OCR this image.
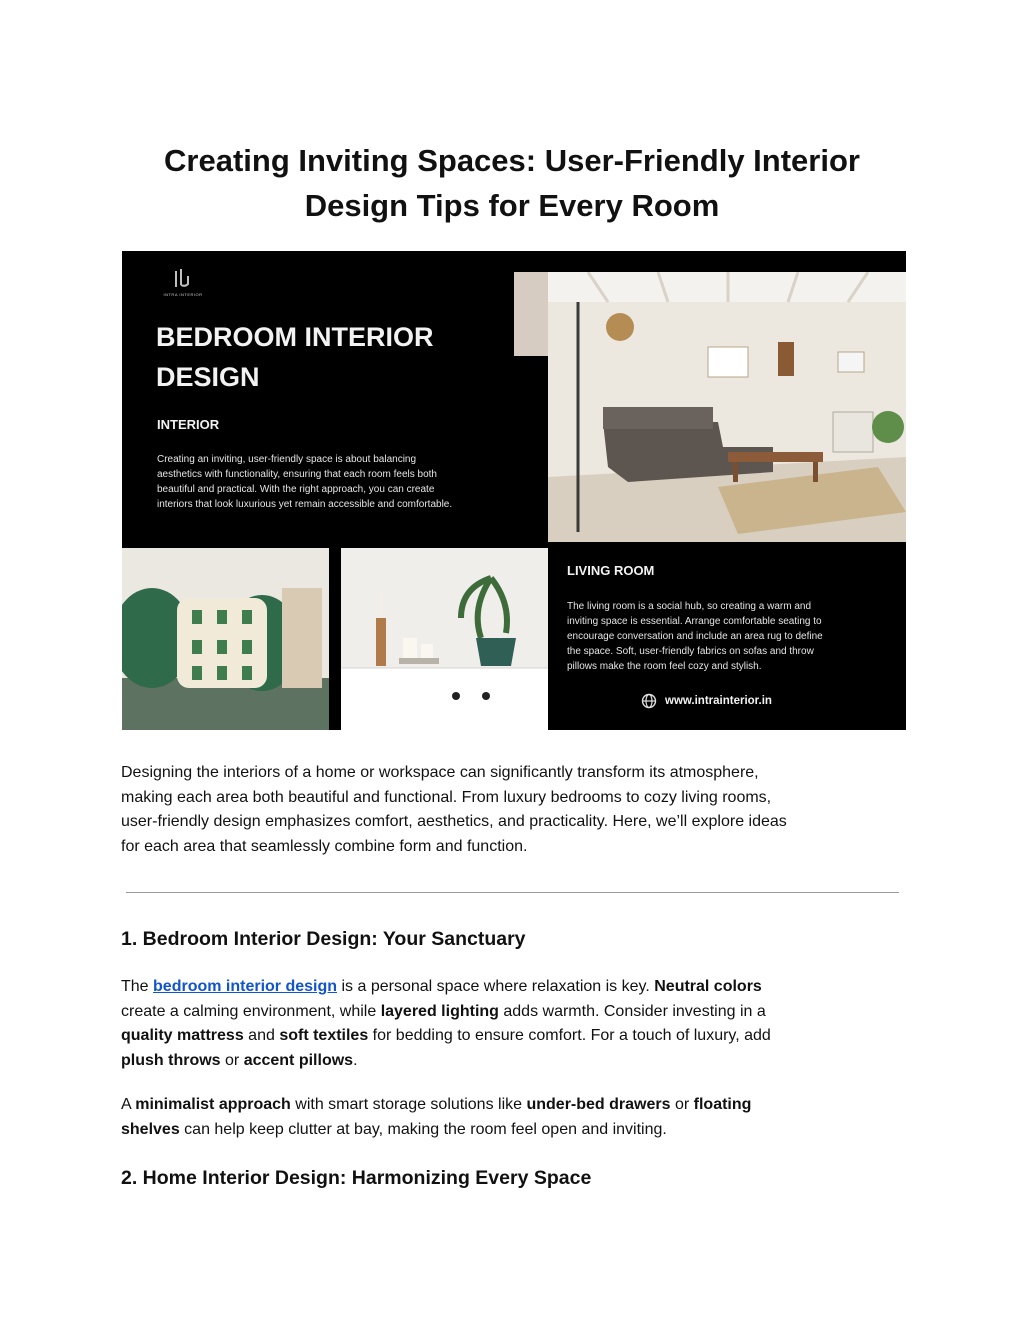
Creating Inviting Spaces: User-Friendly Interior
Design Tips for Every Room
INTRA INTERIOR
BEDROOM INTERIOR
DESIGN
INTERIOR
Creating an inviting, user-friendly space is about balancing
aesthetics with functionality, ensuring that each room feels both
beautiful and practical. With the right approach, you can create
interiors that look luxurious yet remain accessible and comfortable.
LIVING ROOM
The living room is a social hub, so creating a warm and
inviting space is essential. Arrange comfortable seating to
encourage conversation and include an area rug to define
the space. Soft, user-friendly fabrics on sofas and throw
pillows make the room feel cozy and stylish.
www.intrainterior.in

Designing the interiors of a home or workspace can significantly transform its atmosphere,
making each area both beautiful and functional. From luxury bedrooms to cozy living rooms,
user-friendly design emphasizes comfort, aesthetics, and practicality. Here, we’ll explore ideas
for each area that seamlessly combine form and function.

1. Bedroom Interior Design: Your Sanctuary

The bedroom interior design is a personal space where relaxation is key. Neutral colors
create a calming environment, while layered lighting adds warmth. Consider investing in a
quality mattress and soft textiles for bedding to ensure comfort. For a touch of luxury, add
plush throws or accent pillows.

A minimalist approach with smart storage solutions like under-bed drawers or floating
shelves can help keep clutter at bay, making the room feel open and inviting.

2. Home Interior Design: Harmonizing Every Space
